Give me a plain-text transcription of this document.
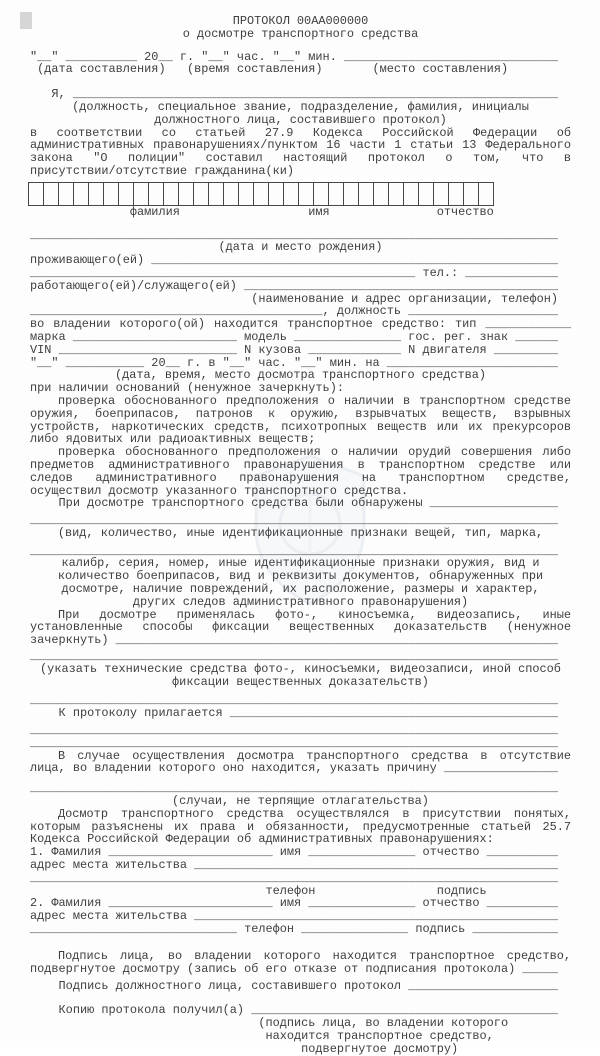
ПРОТОКОЛ 00АА000000
о досмотре транспортного средства
"__" __________ 20__ г. "__" час. "__" мин. ______________________________
(дата составления)   (время составления)       (место составления)
Я, ____________________________________________________________________
(должность, специальное звание, подразделение, фамилия, инициалы
должностного лица, составившего протокол)
в соответствии со статьей 27.9 Кодекса Российской Федерации об
административных правонарушениях/пунктом 16 части 1 статьи 13 Федерального
закона "О полиции" составил настоящий протокол о том, что в
присутствии/отсутствие гражданина(ки)
фамилия                  имя               отчество
__________________________________________________________________________
(дата и место рождения)
проживающего(ей) _________________________________________________________
______________________________________________________ тел.: _____________
работающего(ей)/служащего(ей) ____________________________________________
(наименование и адрес организации, телефон)
_________________________________________, должность _____________________
во владении которого(ой) находится транспортное средство: тип ____________
марка _______________________ модель _______________ гос. рег. знак ______
VIN _________________________ N кузова _____________ N двигателя _________
"__" ___________ 20__ г. в "__" час. "__" мин. на ________________________
(дата, время, место досмотра транспортного средства)
при наличии оснований (ненужное зачеркнуть):
проверка обоснованного предположения о наличии в транспортном средстве
оружия, боеприпасов, патронов к оружию, взрывчатых веществ, взрывных
устройств, наркотических средств, психотропных веществ или их прекурсоров
либо ядовитых или радиоактивных веществ;
проверка обоснованного предположения о наличии орудий совершения либо
предметов административного правонарушения в транспортном средстве или
следов административного правонарушения на транспортном средстве,
осуществил досмотр указанного транспортного средства.
При досмотре транспортного средства были обнаружены __________________
__________________________________________________________________________
(вид, количество, иные идентификационные признаки вещей, тип, марка,
__________________________________________________________________________
калибр, серия, номер, иные идентификационные признаки оружия, вид и
количество боеприпасов, вид и реквизиты документов, обнаруженных при
досмотре, наличие повреждений, их расположение, размеры и характер,
других следов административного правонарушения)
При досмотре применялась фото-, киносъемка, видеозапись, иные
установленные способы фиксации вещественных доказательств (ненужное
зачеркнуть) ______________________________________________________________
__________________________________________________________________________
(указать технические средства фото-, киносъемки, видеозаписи, иной способ
фиксации вещественных доказательств)
__________________________________________________________________________
К протоколу прилагается ______________________________________________
__________________________________________________________________________
__________________________________________________________________________
В случае осуществления досмотра транспортного средства в отсутствие
лица, во владении которого оно находится, указать причину ________________
__________________________________________________________________________
(случаи, не терпящие отлагательства)
Досмотр транспортного средства осуществлялся в присутствии понятых,
которым разъяснены их права и обязанности, предусмотренные статьей 25.7
Кодекса Российской Федерации об административных правонарушениях:
1. Фамилия _______________________ имя _______________ отчество __________
адрес места жительства ___________________________________________________
__________________________________________________________________________
телефон                 подпись
2. Фамилия _______________________ имя _______________ отчество __________
адрес места жительства ___________________________________________________
_____________________________ телефон _______________ подпись ____________
Подпись лица, во владении которого находится транспортное средство,
подвергнутое досмотру (запись об его отказе от подписания протокола) _____
Подпись должностного лица, составившего протокол _____________________
Копию протокола получил(а) ___________________________________________
(подпись лица, во владении которого
находится транспортное средство,
подвергнутое досмотру)
